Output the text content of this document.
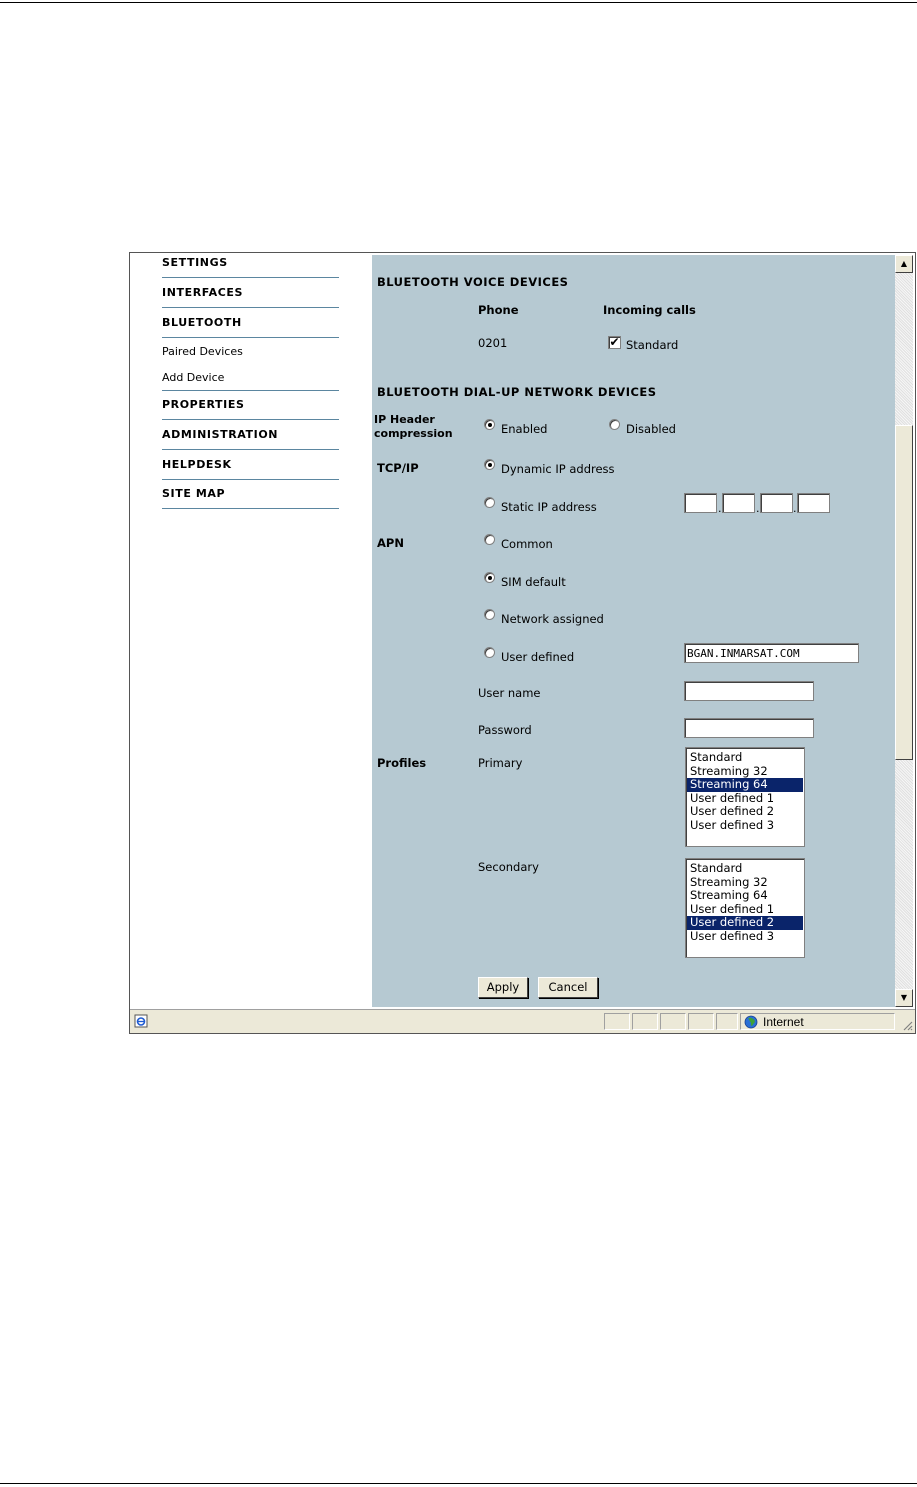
SETTINGS
INTERFACES
BLUETOOTH
Paired Devices
Add Device
PROPERTIES
ADMINISTRATION
HELPDESK
SITE MAP
BLUETOOTH VOICE DEVICES
Phone	Incoming calls
0201	✔ Standard
BLUETOOTH DIAL-UP NETWORK DEVICES
IP Header
compression	Enabled	Disabled
TCP/IP	Dynamic IP address
Static IP address	.	.	.
APN	Common
SIM default
Network assigned
User defined	BGAN.INMARSAT.COM
User name
Password
Profiles	Primary	Standard
Streaming 32
Streaming 64
User defined 1
User defined 2
User defined 3
Secondary	Standard
Streaming 32
Streaming 64
User defined 1
User defined 2
User defined 3
Apply	Cancel
▲
▼
Internet
